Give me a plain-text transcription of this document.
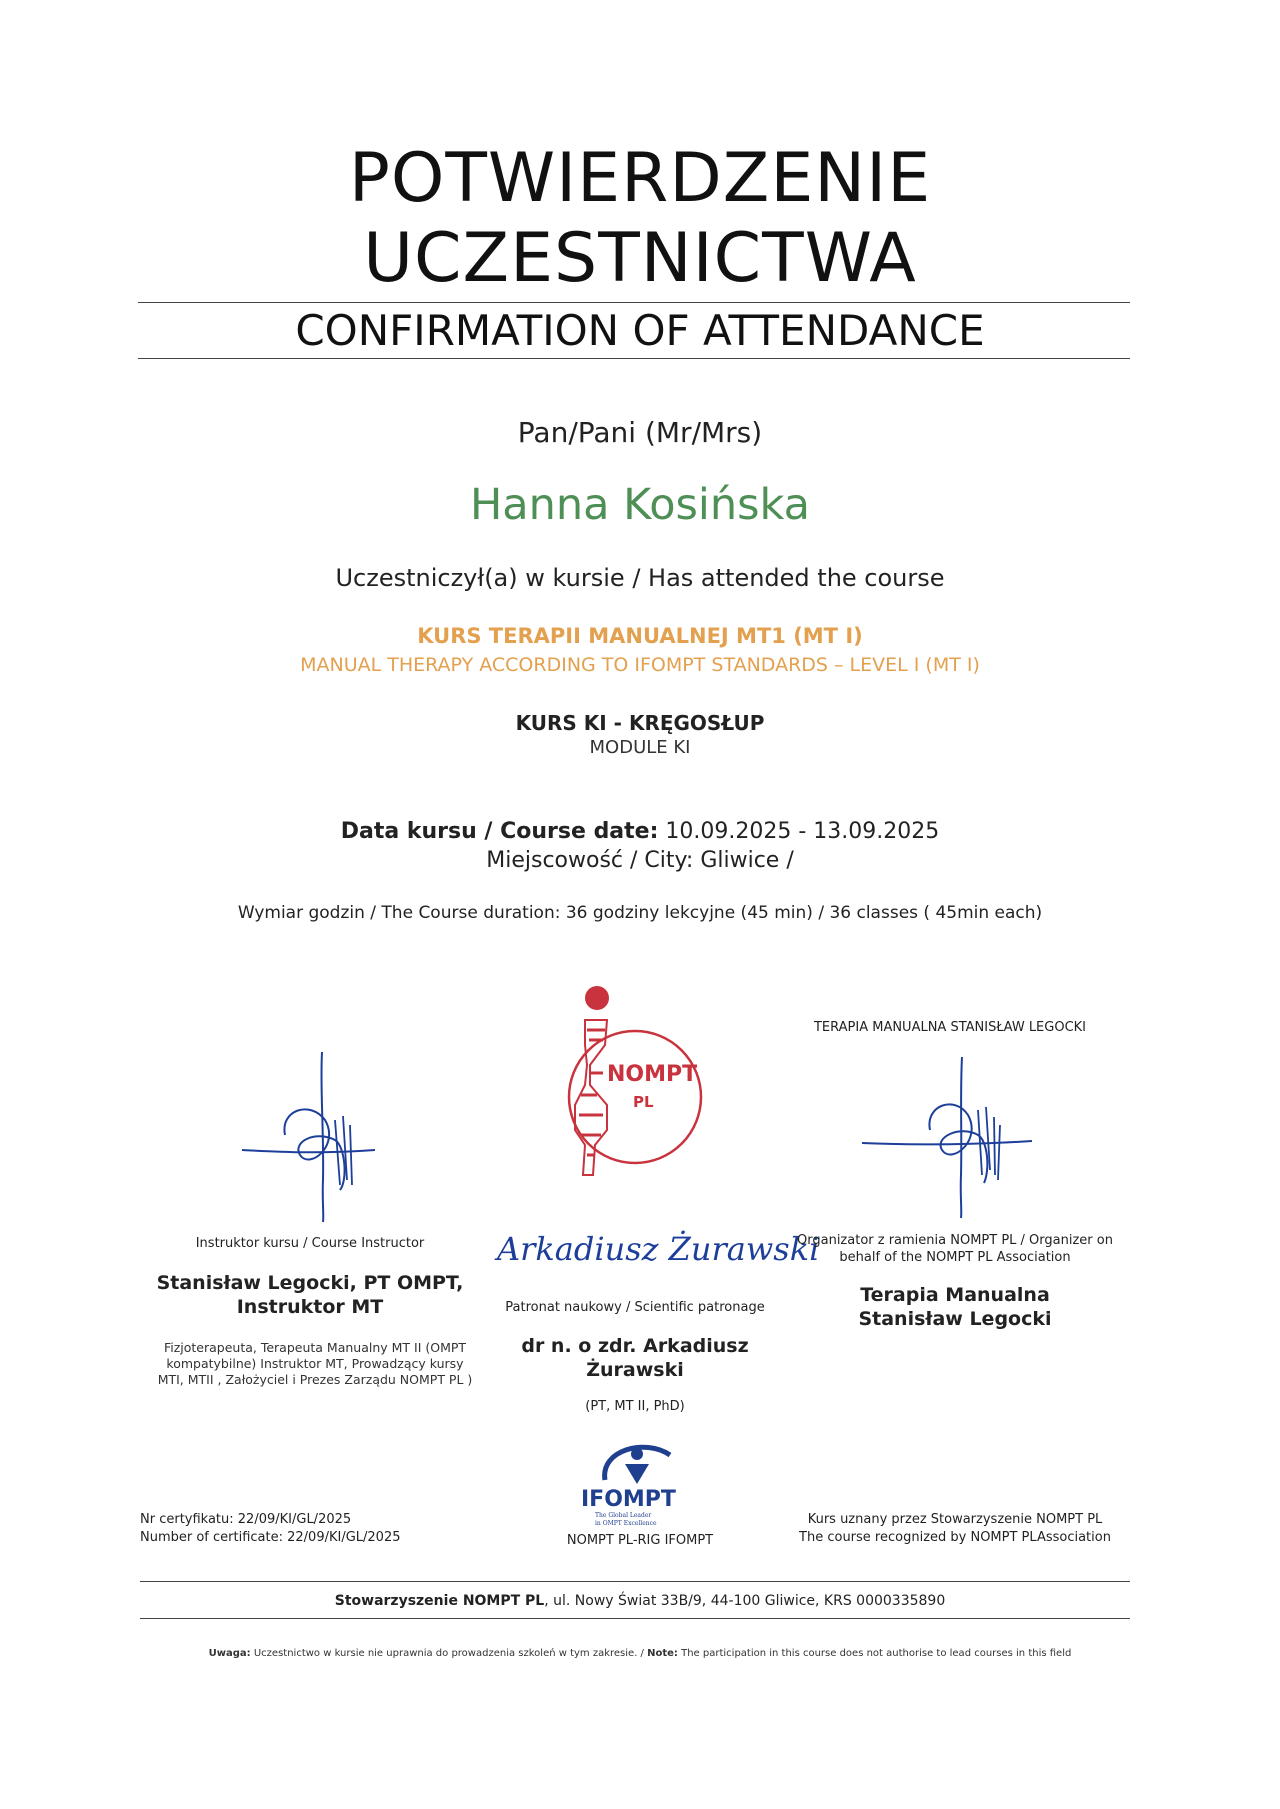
POTWIERDZENIE
UCZESTNICTWA
CONFIRMATION OF ATTENDANCE
Pan/Pani (Mr/Mrs)
Hanna Kosińska
Uczestniczył(a) w kursie / Has attended the course
KURS TERAPII MANUALNEJ MT1 (MT I)
MANUAL THERAPY ACCORDING TO IFOMPT STANDARDS – LEVEL I (MT I)
KURS KI - KRĘGOSŁUP
MODULE KI
Data kursu / Course date: 10.09.2025 - 13.09.2025
Miejscowość / City: Gliwice /
Wymiar godzin / The Course duration: 36 godziny lekcyjne (45 min) / 36 classes ( 45min each)
Instruktor kursu / Course Instructor
Stanisław Legocki, PT OMPT,
Instruktor MT
Fizjoterapeuta, Terapeuta Manualny MT II (OMPT
kompatybilne) Instruktor MT, Prowadzący kursy
MTI, MTII , Założyciel i Prezes Zarządu NOMPT PL )
NOMPT
PL
Arkadiusz Żurawski
Patronat naukowy / Scientific patronage
dr n. o zdr. Arkadiusz
Żurawski
(PT, MT II, PhD)
TERAPIA MANUALNA STANISŁAW LEGOCKI
Organizator z ramienia NOMPT PL / Organizer on
behalf of the NOMPT PL Association
Terapia Manualna
Stanisław Legocki
IFOMPT
The Global Leader
in OMPT Excellence
NOMPT PL-RIG IFOMPT
Nr certyfikatu: 22/09/KI/GL/2025
Number of certificate: 22/09/KI/GL/2025
Kurs uznany przez Stowarzyszenie NOMPT PL
The course recognized by NOMPT PLAssociation
Stowarzyszenie NOMPT PL, ul. Nowy Świat 33B/9, 44-100 Gliwice, KRS 0000335890
Uwaga: Uczestnictwo w kursie nie uprawnia do prowadzenia szkoleń w tym zakresie. / Note: The participation in this course does not authorise to lead courses in this field
